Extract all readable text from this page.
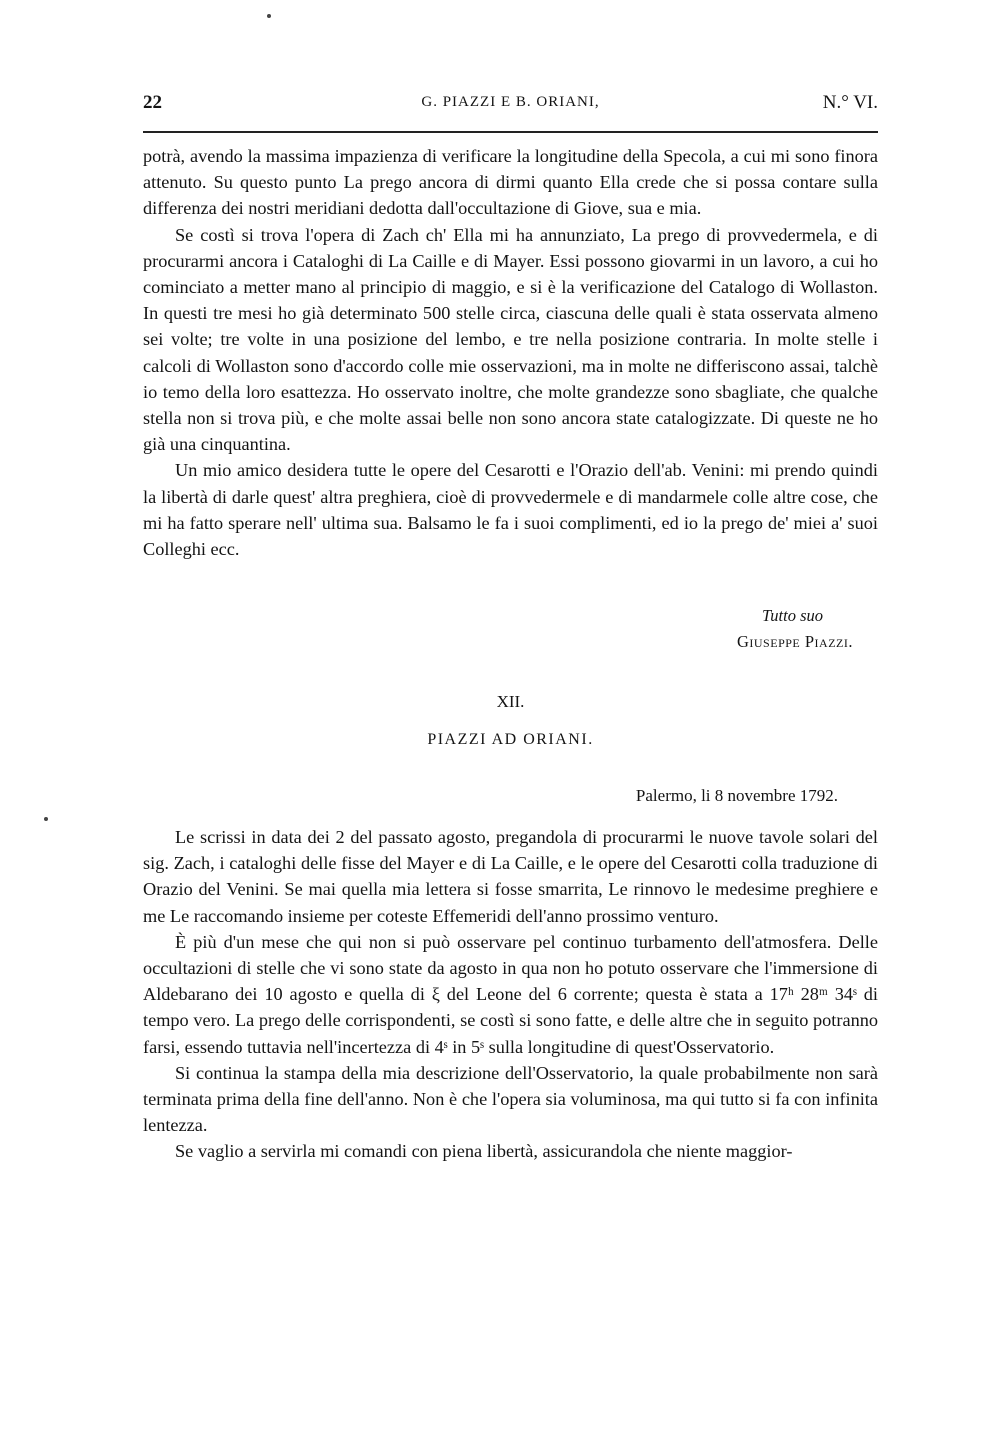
22	G. PIAZZI E B. ORIANI,	N.° VI.

potrà, avendo la massima impazienza di verificare la longitudine della Specola, a cui mi sono finora attenuto. Su questo punto La prego ancora di dirmi quanto Ella crede che si possa contare sulla differenza dei nostri meridiani dedotta dall'occultazione di Giove, sua e mia.

Se costì si trova l'opera di Zach ch' Ella mi ha annunziato, La prego di provvedermela, e di procurarmi ancora i Cataloghi di La Caille e di Mayer. Essi possono giovarmi in un lavoro, a cui ho cominciato a metter mano al principio di maggio, e si è la verificazione del Catalogo di Wollaston. In questi tre mesi ho già determinato 500 stelle circa, ciascuna delle quali è stata osservata almeno sei volte; tre volte in una posizione del lembo, e tre nella posizione contraria. In molte stelle i calcoli di Wollaston sono d'accordo colle mie osservazioni, ma in molte ne differiscono assai, talchè io temo della loro esattezza. Ho osservato inoltre, che molte grandezze sono sbagliate, che qualche stella non si trova più, e che molte assai belle non sono ancora state catalogizzate. Di queste ne ho già una cinquantina.

Un mio amico desidera tutte le opere del Cesarotti e l'Orazio dell'ab. Venini: mi prendo quindi la libertà di darle quest' altra preghiera, cioè di provvedermele e di mandarmele colle altre cose, che mi ha fatto sperare nell' ultima sua. Balsamo le fa i suoi complimenti, ed io la prego de' miei a' suoi Colleghi ecc.

Tutto suo
Giuseppe Piazzi.
XII.
PIAZZI AD ORIANI.
Palermo, li 8 novembre 1792.

Le scrissi in data dei 2 del passato agosto, pregandola di procurarmi le nuove tavole solari del sig. Zach, i cataloghi delle fisse del Mayer e di La Caille, e le opere del Cesarotti colla traduzione di Orazio del Venini. Se mai quella mia lettera si fosse smarrita, Le rinnovo le medesime preghiere e me Le raccomando insieme per coteste Effemeridi dell'anno prossimo venturo.

È più d'un mese che qui non si può osservare pel continuo turbamento dell'atmosfera. Delle occultazioni di stelle che vi sono state da agosto in qua non ho potuto osservare che l'immersione di Aldebarano dei 10 agosto e quella di ξ del Leone del 6 corrente; questa è stata a 17ʰ 28ᵐ 34ˢ di tempo vero. La prego delle corrispondenti, se costì si sono fatte, e delle altre che in seguito potranno farsi, essendo tuttavia nell'incertezza di 4ˢ in 5ˢ sulla longitudine di quest'Osservatorio.

Si continua la stampa della mia descrizione dell'Osservatorio, la quale probabilmente non sarà terminata prima della fine dell'anno. Non è che l'opera sia voluminosa, ma qui tutto si fa con infinita lentezza.

Se vaglio a servirla mi comandi con piena libertà, assicurandola che niente maggior-
